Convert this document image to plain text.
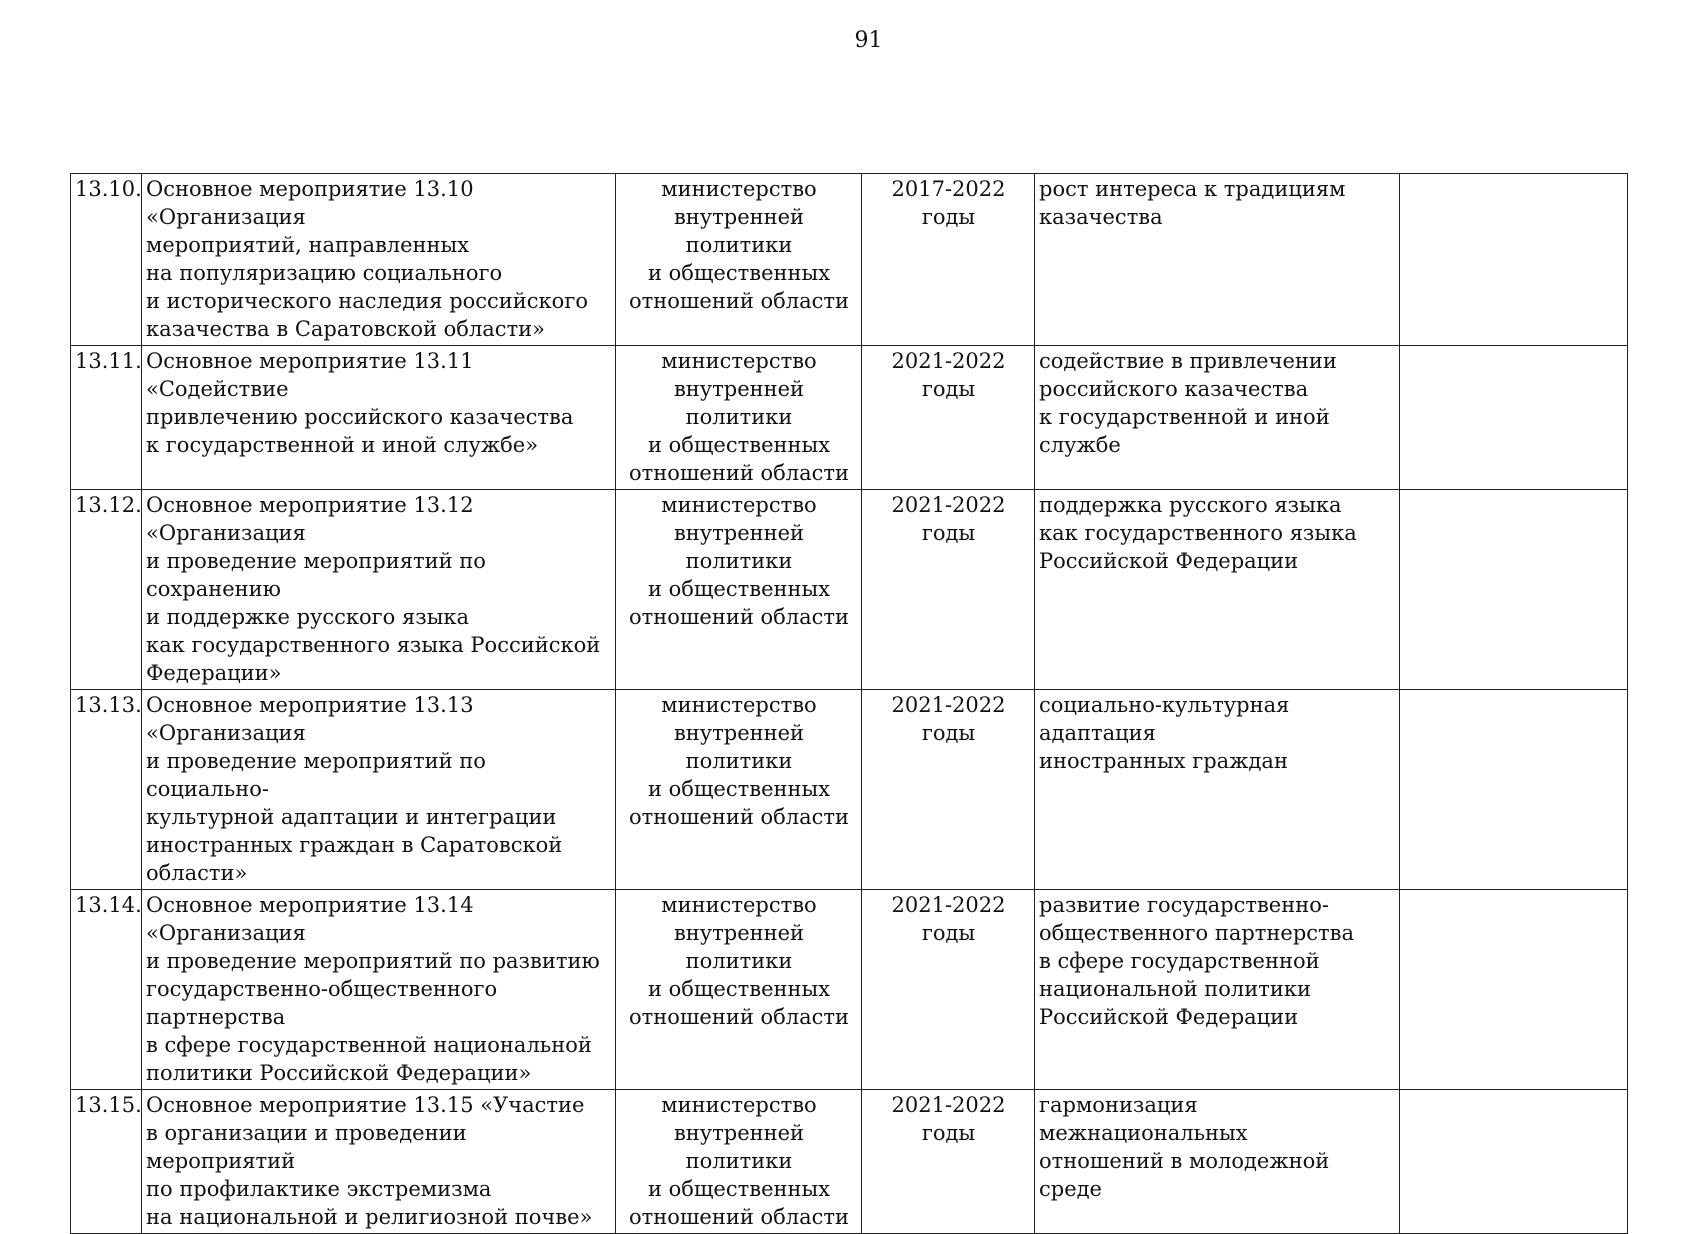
91
13.10.	Основное мероприятие 13.10 «Организация
мероприятий, направленных
на популяризацию социального
и исторического наследия российского
казачества в Саратовской области»	министерство
внутренней политики
и общественных
отношений области	2017-2022
годы	рост интереса к традициям
казачества	
13.11.	Основное мероприятие 13.11 «Содействие
привлечению российского казачества
к государственной и иной службе»	министерство
внутренней политики
и общественных
отношений области	2021-2022
годы	содействие в привлечении
российского казачества
к государственной и иной службе	
13.12.	Основное мероприятие 13.12 «Организация
и проведение мероприятий по сохранению
и поддержке русского языка
как государственного языка Российской
Федерации»	министерство
внутренней политики
и общественных
отношений области	2021-2022
годы	поддержка русского языка
как государственного языка
Российской Федерации	
13.13.	Основное мероприятие 13.13 «Организация
и проведение мероприятий по социально-
культурной адаптации и интеграции
иностранных граждан в Саратовской
области»	министерство
внутренней политики
и общественных
отношений области	2021-2022
годы	социально-культурная адаптация
иностранных граждан	
13.14.	Основное мероприятие 13.14 «Организация
и проведение мероприятий по развитию
государственно-общественного партнерства
в сфере государственной национальной
политики Российской Федерации»	министерство
внутренней политики
и общественных
отношений области	2021-2022
годы	развитие государственно-
общественного партнерства
в сфере государственной
национальной политики
Российской Федерации	
13.15.	Основное мероприятие 13.15 «Участие
в организации и проведении мероприятий
по профилактике экстремизма
на национальной и религиозной почве»	министерство
внутренней политики
и общественных
отношений области	2021-2022
годы	гармонизация межнациональных
отношений в молодежной среде	
